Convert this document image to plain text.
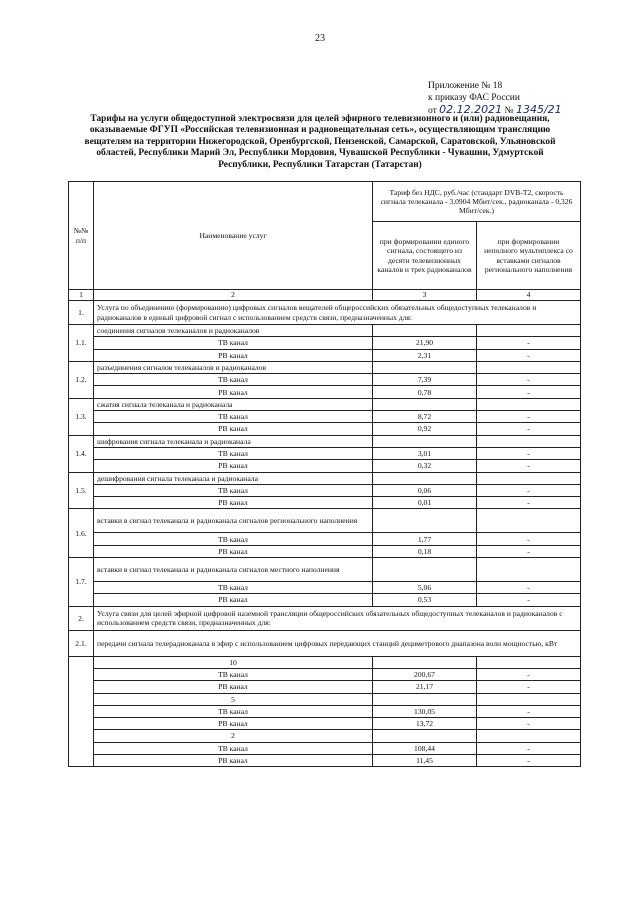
23
Приложение № 18
к приказу ФАС России
от 02.12.2021 № 1345/21
Тарифы на услуги общедоступной электросвязи для целей эфирного телевизионного и (или) радиовещания, оказываемые ФГУП «Российская телевизионная и радиовещательная сеть», осуществляющим трансляцию вещателям на территории Нижегородской, Оренбургской, Пензенской, Самарской, Саратовской, Ульяновской областей, Республики Марий Эл, Республики Мордовия, Чувашской Республики - Чувашии, Удмуртской Республики, Республики Татарстан (Татарстан)
№№ п/п	Наименование услуг	Тариф без НДС, руб./час (стандарт DVB-T2, скорость сигнала телеканала - 3,0904 Мбит/сек., радиоканала - 0,326 Мбит/сек.)	
		при формировании единого сигнала, состоящего из десяти телевизионных каналов и трех радиоканалов	при формировании неполного мультиплекса со вставками сигналов регионального наполнения
1	2	3	4
1.	Услуга по объединению (формированию) цифровых сигналов вещателей общероссийских обязательных общедоступных телеканалов и радиоканалов в единый цифровой сигнал с использованием средств связи, предназначенных для:		
1.1.	соединения сигналов телеканалов и радиоканалов		
	ТВ канал	21,90	-
	РВ канал	2,31	-
1.2.	разъединения сигналов телеканалов и радиоканалов		
	ТВ канал	7,39	-
	РВ канал	0,78	-
1.3.	сжатия сигнала телеканала и радиоканала		
	ТВ канал	8,72	-
	РВ канал	0,92	-
1.4.	шифрования сигнала телеканала и радиоканала		
	ТВ канал	3,01	-
	РВ канал	0,32	-
1.5.	дешифрования сигнала телеканала и радиоканала		
	ТВ канал	0,06	-
	РВ канал	0,01	-
1.6.	вставки в сигнал телеканала и радиоканала сигналов регионального наполнения		
	ТВ канал	1,77	-
	РВ канал	0,18	-
1.7.	вставки в сигнал телеканала и радиоканала сигналов местного наполнения		
	ТВ канал	5,06	-
	РВ канал	0,53	-
2.	Услуга связи для целей эфирной цифровой наземной трансляции общероссийских обязательных общедоступных телеканалов и радиоканалов с использованием средств связи, предназначенных для:		
2.1.	передачи сигнала телерадиоканала в эфир с использованием цифровых передающих станций дециметрового диапазона волн мощностью, кВт		
	10		
	ТВ канал	200,67	-
	РВ канал	21,17	-
	5		
	ТВ канал	130,05	-
	РВ канал	13,72	-
	2		
	ТВ канал	108,44	-
	РВ канал	11,45	-
